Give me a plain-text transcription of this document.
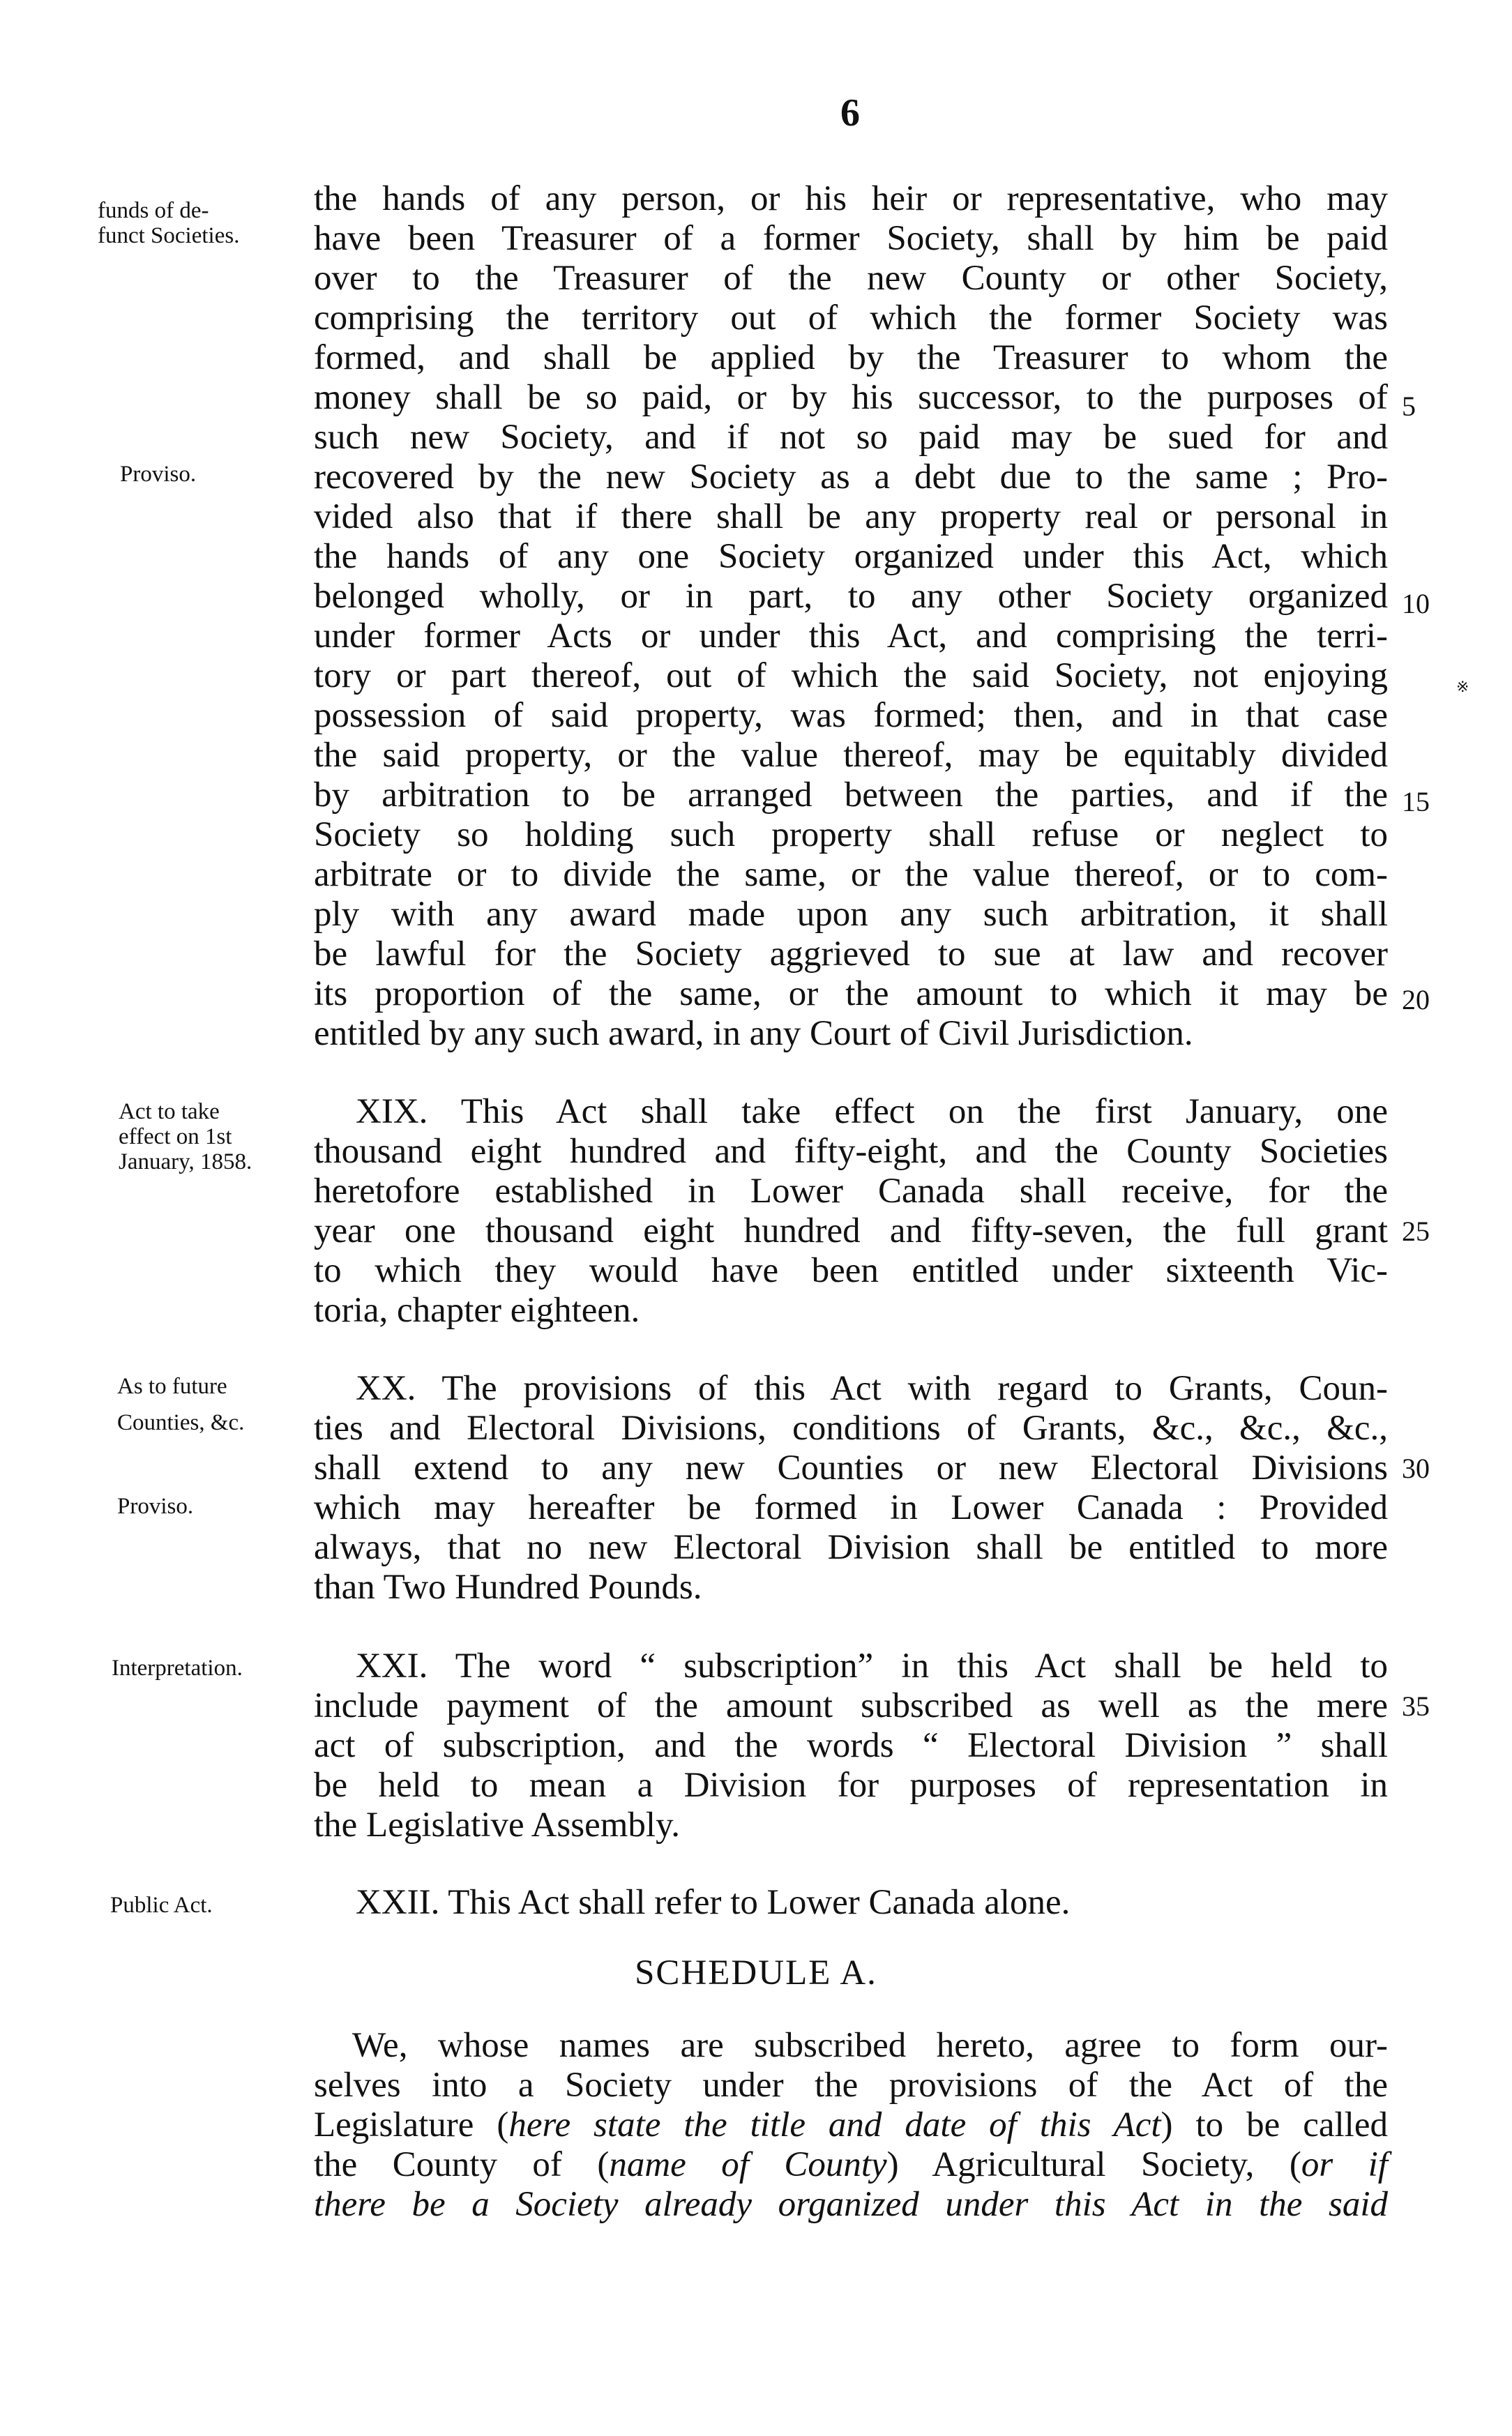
6
funds of de-
funct Societies.
Proviso.
Act to take
effect on 1st
January, 1858.
As to future
Counties, &c.
Proviso.
Interpretation.
Public Act.
5
10
15
20
25
30
35
the hands of any person, or his heir or representative, who may
have been Treasurer of a former Society, shall by him be paid
over to the Treasurer of the new County or other Society,
comprising the territory out of which the former Society was
formed, and shall be applied by the Treasurer to whom the
money shall be so paid, or by his successor, to the purposes of
such new Society, and if not so paid may be sued for and
recovered by the new Society as a debt due to the same ; Pro-
vided also that if there shall be any property real or personal in
the hands of any one Society organized under this Act, which
belonged wholly, or in part, to any other Society organized
under former Acts or under this Act, and comprising the terri-
tory or part thereof, out of which the said Society, not enjoying
possession of said property, was formed; then, and in that case
the said property, or the value thereof, may be equitably divided
by arbitration to be arranged between the parties, and if the
Society so holding such property shall refuse or neglect to
arbitrate or to divide the same, or the value thereof, or to com-
ply with any award made upon any such arbitration, it shall
be lawful for the Society aggrieved to sue at law and recover
its proportion of the same, or the amount to which it may be
entitled by any such award, in any Court of Civil Jurisdiction.
XIX. This Act shall take effect on the first January, one
thousand eight hundred and fifty-eight, and the County Societies
heretofore established in Lower Canada shall receive, for the
year one thousand eight hundred and fifty-seven, the full grant
to which they would have been entitled under sixteenth Vic-
toria, chapter eighteen.
XX. The provisions of this Act with regard to Grants, Coun-
ties and Electoral Divisions, conditions of Grants, &c., &c., &c.,
shall extend to any new Counties or new Electoral Divisions
which may hereafter be formed in Lower Canada : Provided
always, that no new Electoral Division shall be entitled to more
than Two Hundred Pounds.
XXI. The word “ subscription” in this Act shall be held to
include payment of the amount subscribed as well as the mere
act of subscription, and the words “ Electoral Division ” shall
be held to mean a Division for purposes of representation in
the Legislative Assembly.
XXII. This Act shall refer to Lower Canada alone.
SCHEDULE A.
We, whose names are subscribed hereto, agree to form our-
selves into a Society under the provisions of the Act of the
Legislature (here state the title and date of this Act) to be called
the County of (name of County) Agricultural Society, (or if
there be a Society already organized under this Act in the said
※
